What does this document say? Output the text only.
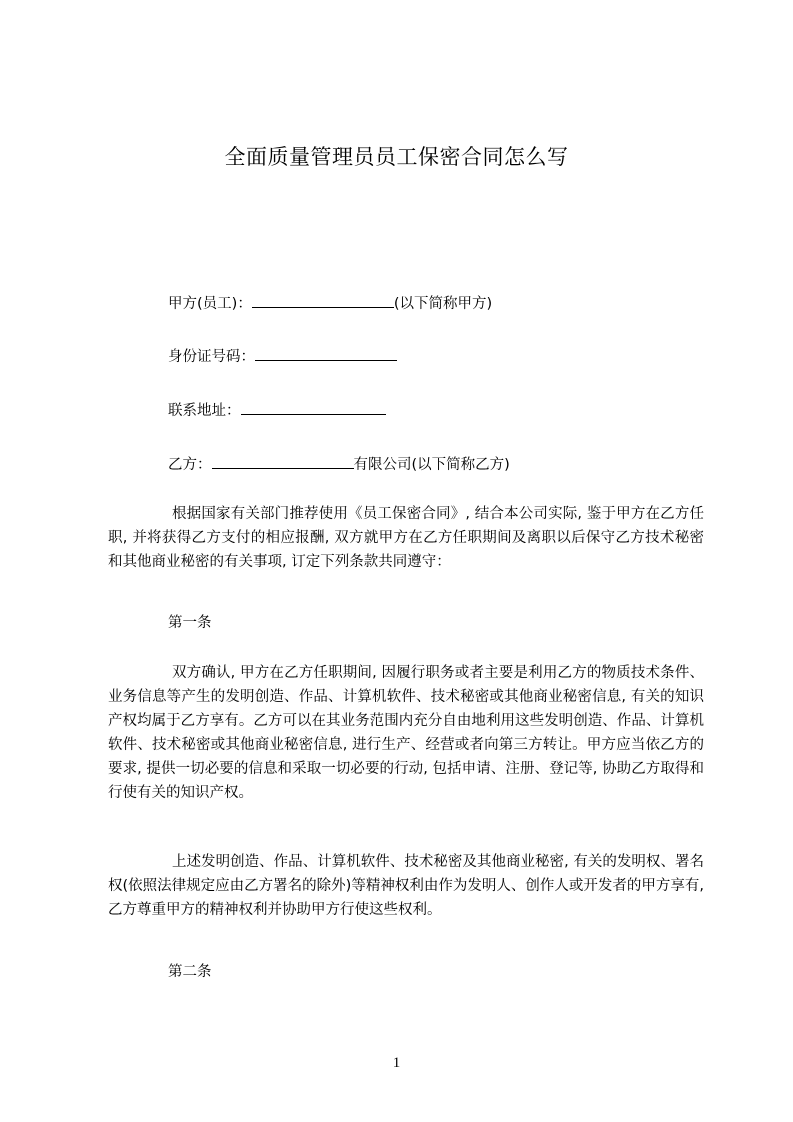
全面质量管理员员工保密合同怎么写
甲方(员工)：	(以下简称甲方)
身份证号码：
联系地址：
乙方：	有限公司(以下简称乙方)
根据国家有关部门推荐使用《员工保密合同》, 结合本公司实际, 鉴于甲方在乙方任职, 并将获得乙方支付的相应报酬, 双方就甲方在乙方任职期间及离职以后保守乙方技术秘密和其他商业秘密的有关事项, 订定下列条款共同遵守：
第一条
双方确认, 甲方在乙方任职期间, 因履行职务或者主要是利用乙方的物质技术条件、业务信息等产生的发明创造、作品、计算机软件、技术秘密或其他商业秘密信息, 有关的知识产权均属于乙方享有。乙方可以在其业务范围内充分自由地利用这些发明创造、作品、计算机软件、技术秘密或其他商业秘密信息, 进行生产、经营或者向第三方转让。甲方应当依乙方的要求, 提供一切必要的信息和采取一切必要的行动, 包括申请、注册、登记等, 协助乙方取得和行使有关的知识产权。
上述发明创造、作品、计算机软件、技术秘密及其他商业秘密, 有关的发明权、署名权(依照法律规定应由乙方署名的除外)等精神权利由作为发明人、创作人或开发者的甲方享有, 乙方尊重甲方的精神权利并协助甲方行使这些权利。
第二条
1
